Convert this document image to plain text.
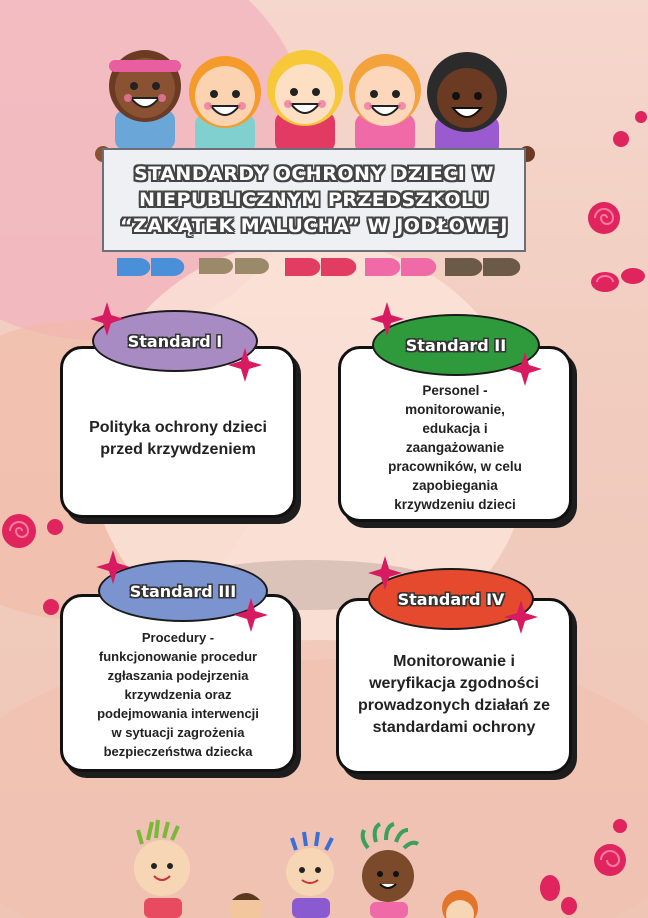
STANDARDY OCHRONY DZIECI W
NIEPUBLICZNYM PRZEDSZKOLU
“ZAKĄTEK MALUCHA” W JODŁOWEJ

Polityka ochrony dzieci
przed krzywdzeniem

Standard I

Personel -
monitorowanie,
edukacja i
zaangażowanie
pracowników, w celu
zapobiegania
krzywdzeniu dzieci

Standard II

Procedury -
funkcjonowanie procedur
zgłaszania podejrzenia
krzywdzenia oraz
podejmowania interwencji
w sytuacji zagrożenia
bezpieczeństwa dziecka

Standard III

Monitorowanie i
weryfikacja zgodności
prowadzonych działań ze
standardami ochrony

Standard IV
